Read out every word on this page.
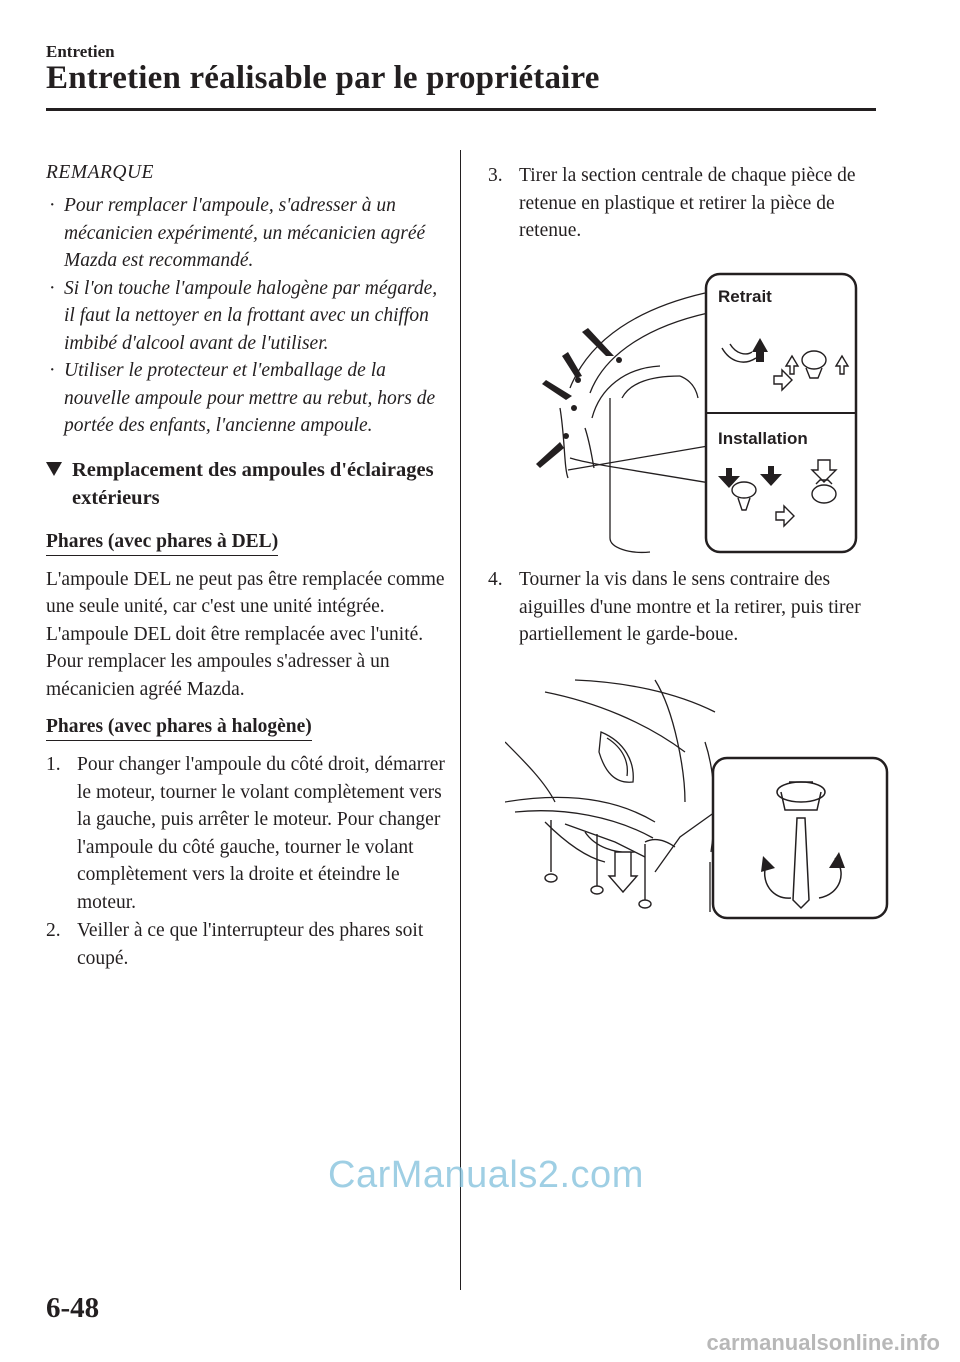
Entretien
Entretien réalisable par le propriétaire
REMARQUE
· Pour remplacer l'ampoule, s'adresser à un mécanicien expérimenté, un mécanicien agréé Mazda est recommandé.
· Si l'on touche l'ampoule halogène par mégarde, il faut la nettoyer en la frottant avec un chiffon imbibé d'alcool avant de l'utiliser.
· Utiliser le protecteur et l'emballage de la nouvelle ampoule pour mettre au rebut, hors de portée des enfants, l'ancienne ampoule.
Remplacement des ampoules d'éclairages extérieurs
Phares (avec phares à DEL)

L'ampoule DEL ne peut pas être remplacée comme une seule unité, car c'est une unité intégrée.

L'ampoule DEL doit être remplacée avec l'unité. Pour remplacer les ampoules s'adresser à un mécanicien agréé Mazda.

Phares (avec phares à halogène)
1. Pour changer l'ampoule du côté droit, démarrer le moteur, tourner le volant complètement vers la gauche, puis arrêter le moteur. Pour changer l'ampoule du côté gauche, tourner le volant complètement vers la droite et éteindre le moteur.
2. Veiller à ce que l'interrupteur des phares soit coupé.
3. Tirer la section centrale de chaque pièce de retenue en plastique et retirer la pièce de retenue.
Retrait
Installation
4. Tourner la vis dans le sens contraire des aiguilles d'une montre et la retirer, puis tirer partiellement le garde-boue.
6-48
CarManuals2.com
carmanualsonline.info
